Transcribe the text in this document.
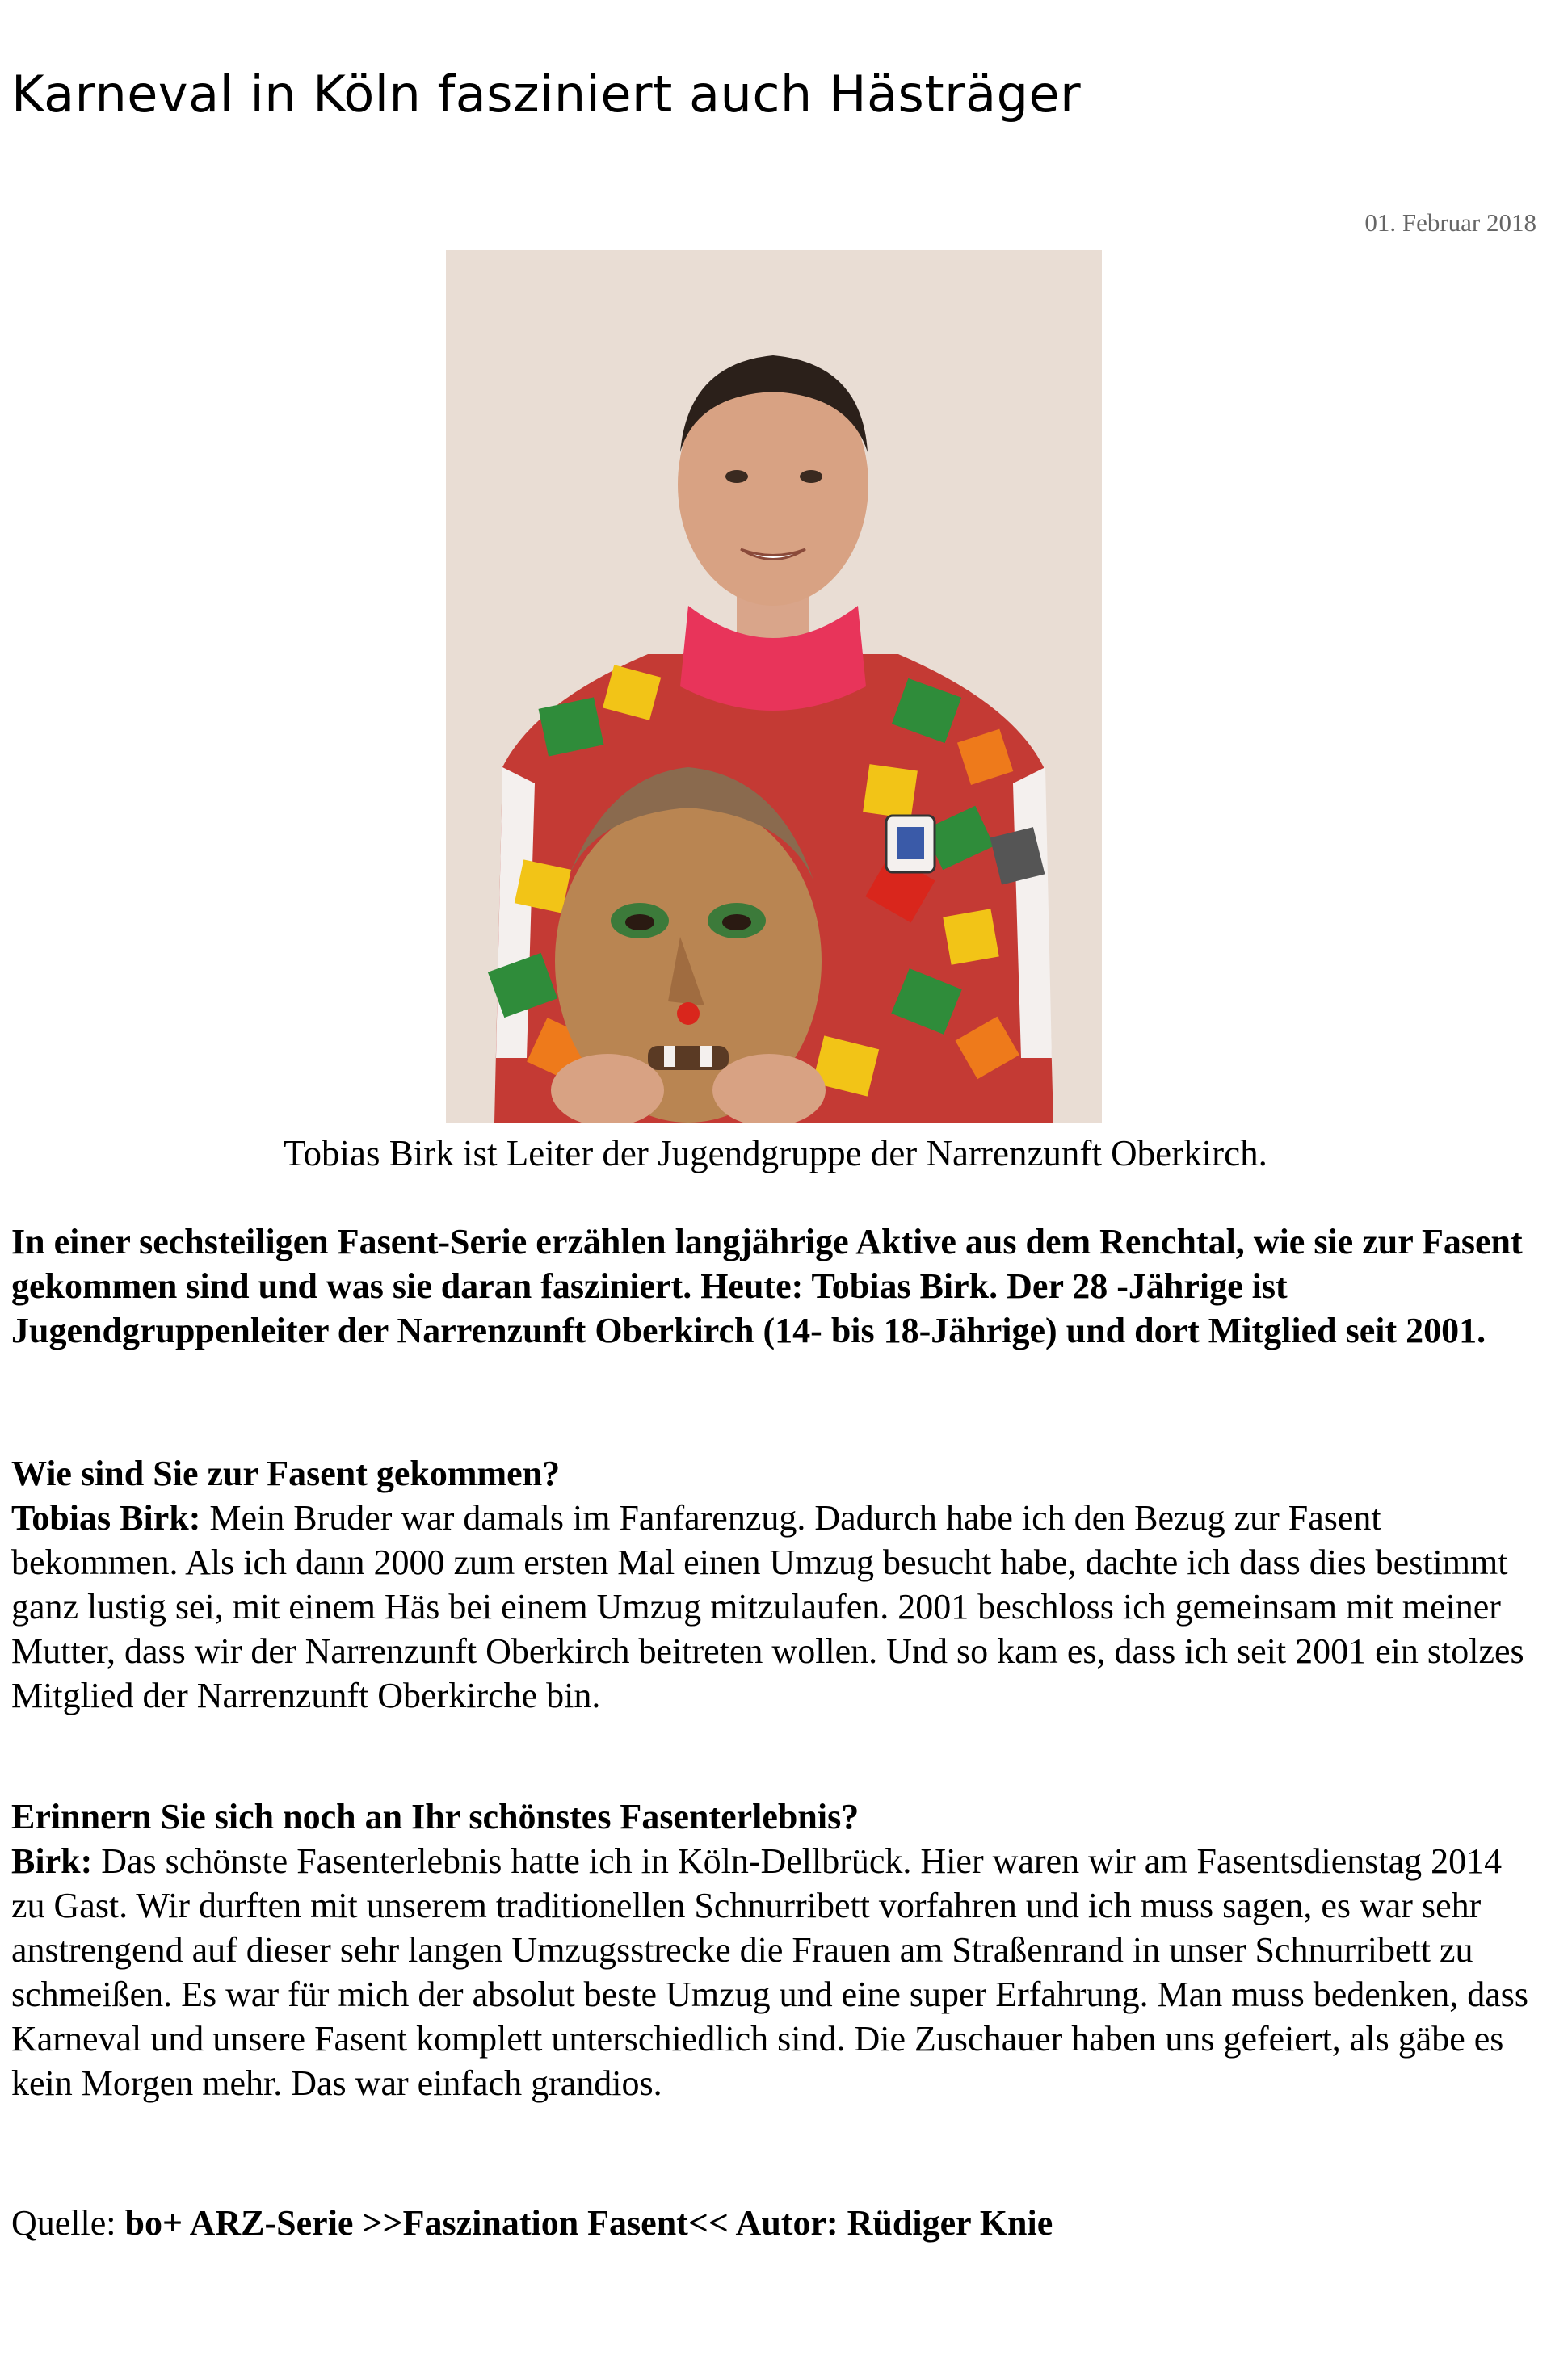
Karneval in Köln fasziniert auch Hästräger
01. Februar 2018
Tobias Birk ist Leiter der Jugendgruppe der Narrenzunft Oberkirch.
In einer sechsteiligen Fasent-Serie erzählen langjährige Aktive aus dem Renchtal, wie sie zur Fasent gekommen sind und was sie daran fasziniert. Heute: Tobias Birk. Der 28 -Jährige ist Jugendgruppenleiter der Narrenzunft Oberkirch (14- bis 18-Jährige) und dort Mitglied seit 2001.
Wie sind Sie zur Fasent gekommen?
Tobias Birk: Mein Bruder war damals im Fanfarenzug. Dadurch habe ich den Bezug zur Fasent bekommen. Als ich dann 2000 zum ersten Mal einen Umzug besucht habe, dachte ich dass dies bestimmt ganz lustig sei, mit einem Häs bei einem Umzug mitzulaufen. 2001 beschloss ich gemeinsam mit meiner Mutter, dass wir der Narrenzunft Oberkirch beitreten wollen. Und so kam es, dass ich seit 2001 ein stolzes Mitglied der Narrenzunft Oberkirche bin.
Erinnern Sie sich noch an Ihr schönstes Fasenterlebnis?
Birk: Das schönste Fasenterlebnis hatte ich in Köln-Dellbrück. Hier waren wir am Fasentsdienstag 2014 zu Gast. Wir durften mit unserem traditionellen Schnurribett vorfahren und ich muss sagen, es war sehr anstrengend auf dieser sehr langen Umzugsstrecke die Frauen am Straßenrand in unser Schnurribett zu schmeißen. Es war für mich der absolut beste Umzug und eine super Erfahrung. Man muss bedenken, dass Karneval und unsere Fasent komplett unterschiedlich sind. Die Zuschauer haben uns gefeiert, als gäbe es kein Morgen mehr. Das war einfach grandios.
Quelle: bo+ ARZ-Serie >>Faszination Fasent<< Autor: Rüdiger Knie
